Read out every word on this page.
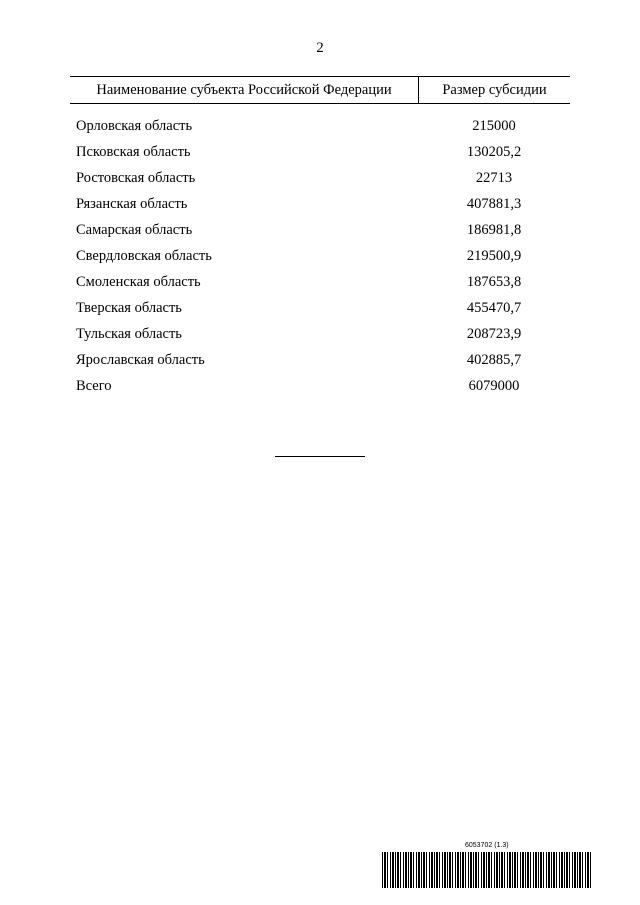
2
Наименование субъекта Российской Федерации	Размер субсидии
Орловская область	215000
Псковская область	130205,2
Ростовская область	22713
Рязанская область	407881,3
Самарская область	186981,8
Свердловская область	219500,9
Смоленская область	187653,8
Тверская область	455470,7
Тульская область	208723,9
Ярославская область	402885,7
Всего	6079000
6053702 (1.3)
